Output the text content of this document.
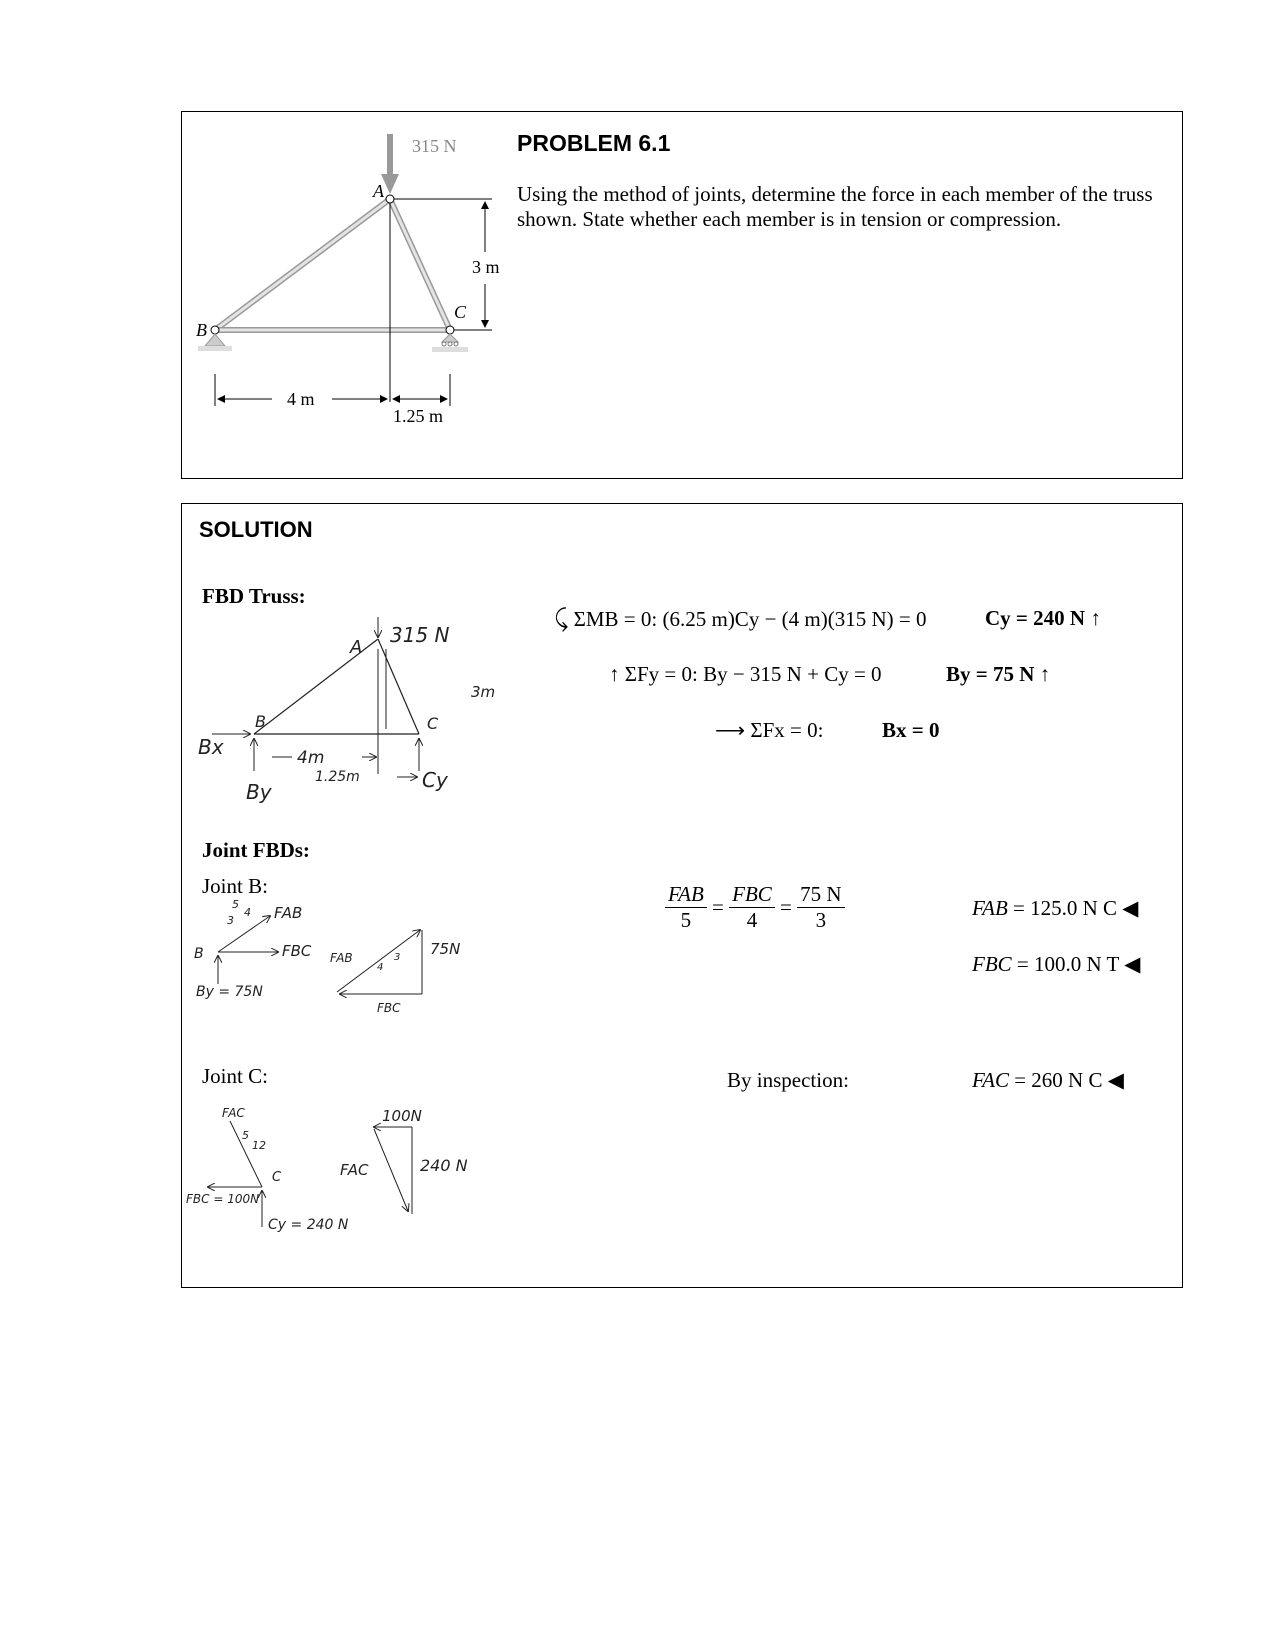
315 N
A
B
C
3 m
4 m
1.25 m
PROBLEM 6.1
Using the method of joints, determine the force in each member of the truss shown. State whether each member is in tension or compression.
SOLUTION
FBD Truss:
315 N
A
B	C
3m
Bx
By
4m
1.25m	Cy
⤹ ΣMB = 0: (6.25 m)Cy − (4 m)(315 N) = 0	Cy = 240 N ↑
↑ ΣFy = 0: By − 315 N + Cy = 0	By = 75 N ↑
⟶ ΣFx = 0:	Bx = 0
Joint FBDs:
Joint B:
B
FAB
FBC
By = 75N
3
4
5
FAB
FBC
75N
3
4
$\frac{\text{FAB}}{5} = \frac{\text{FBC}}{4} = \frac{75 N}{3}$	FAB = 125.0 N C ◀
FBC = 100.0 N T ◀
Joint C:	By inspection:	FAC = 260 N C ◀
FAC
5
12
C
FBC = 100N
Cy = 240 N
100N
240 N
FAC
